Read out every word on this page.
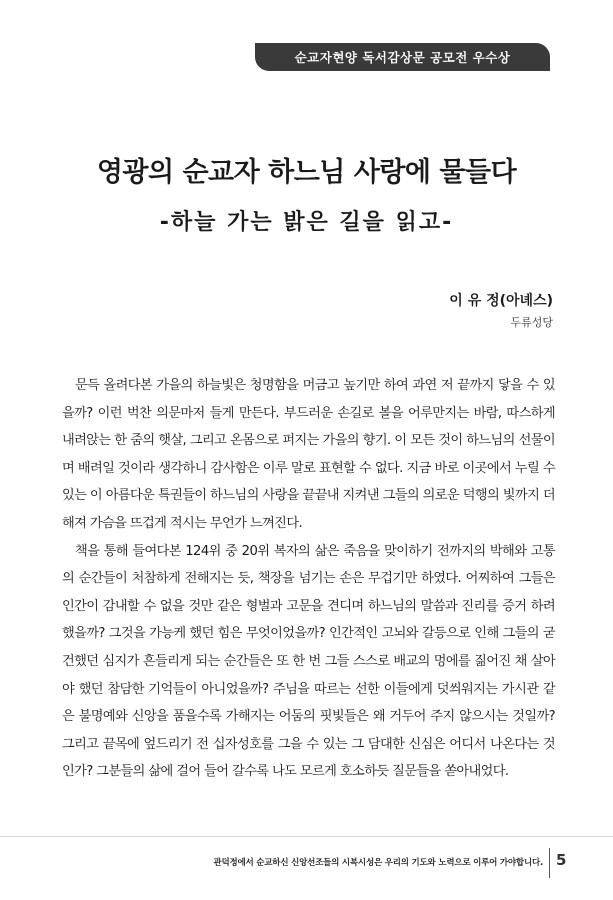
순교자현양 독서감상문 공모전 우수상
영광의 순교자 하느님 사랑에 물들다
-하늘 가는 밝은 길을 읽고-

이 유 정(아녜스)

두류성당

문득 올려다본 가을의 하늘빛은 청명함을 머금고 높기만 하여 과연 저 끝까지 닿을 수 있을까? 이런 벅찬 의문마저 들게 만든다. 부드러운 손길로 볼을 어루만지는 바람, 따스하게 내려앉는 한 줌의 햇살, 그리고 온몸으로 퍼지는 가을의 향기. 이 모든 것이 하느님의 선물이며 배려일 것이라 생각하니 감사함은 이루 말로 표현할 수 없다. 지금 바로 이곳에서 누릴 수 있는 이 아름다운 특권들이 하느님의 사랑을 끝끝내 지켜낸 그들의 의로운 덕행의 빛까지 더해져 가슴을 뜨겁게 적시는 무언가 느껴진다.

책을 통해 들여다본 124위 중 20위 복자의 삶은 죽음을 맞이하기 전까지의 박해와 고통의 순간들이 처참하게 전해지는 듯, 책장을 넘기는 손은 무겁기만 하였다. 어찌하여 그들은 인간이 감내할 수 없을 것만 같은 형벌과 고문을 견디며 하느님의 말씀과 진리를 증거 하려 했을까? 그것을 가능케 했던 힘은 무엇이었을까? 인간적인 고뇌와 갈등으로 인해 그들의 굳건했던 심지가 흔들리게 되는 순간들은 또 한 번 그들 스스로 배교의 멍에를 짊어진 채 살아야 했던 참담한 기억들이 아니었을까? 주님을 따르는 선한 이들에게 덧씌워지는 가시관 같은 불명예와 신앙을 품을수록 가해지는 어둠의 핏빛들은 왜 거두어 주지 않으시는 것일까? 그리고 끝목에 엎드리기 전 십자성호를 그을 수 있는 그 담대한 신심은 어디서 나온다는 것인가? 그분들의 삶에 걸어 들어 갈수록 나도 모르게 호소하듯 질문들을 쏟아내었다.

관덕정에서 순교하신 신앙선조들의 시복시성은 우리의 기도와 노력으로 이루어 가야합니다. 5
